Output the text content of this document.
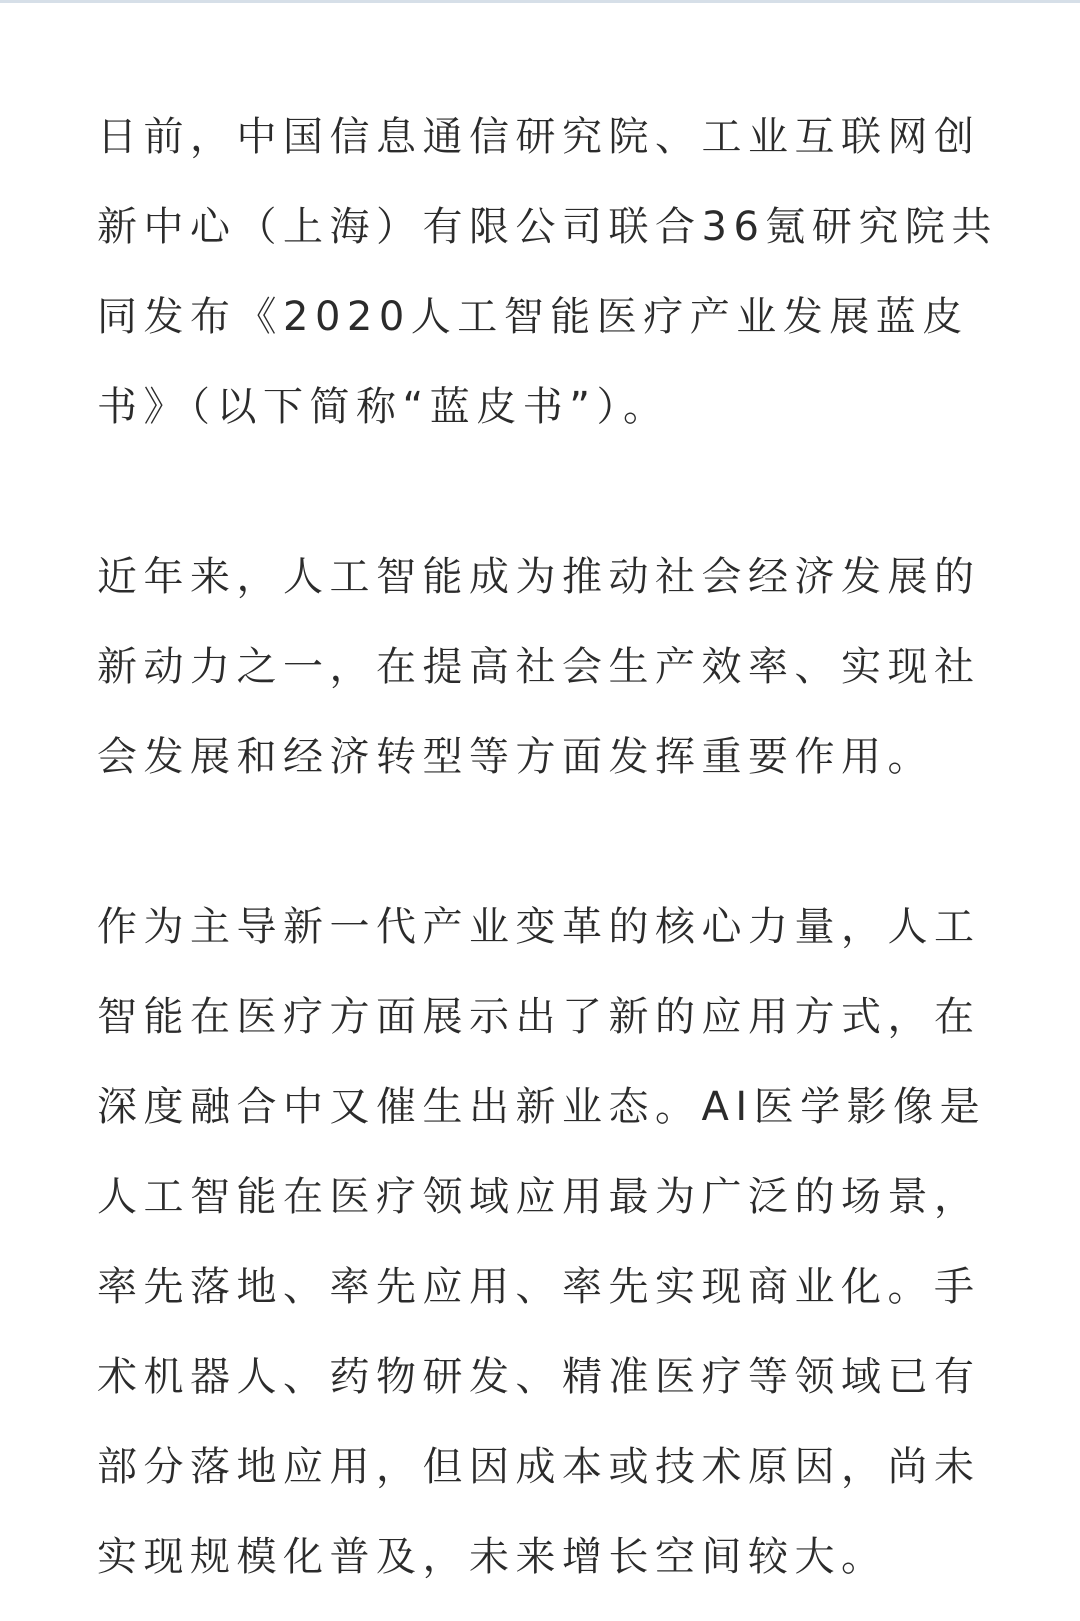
日前，中国信息通信研究院、工业互联网创
新中心（上海）有限公司联合36氪研究院共
同发布《2020人工智能医疗产业发展蓝皮
书》（以下简称“蓝皮书”）。
近年来，人工智能成为推动社会经济发展的
新动力之一，在提高社会生产效率、实现社
会发展和经济转型等方面发挥重要作用。
作为主导新一代产业变革的核心力量，人工
智能在医疗方面展示出了新的应用方式，在
深度融合中又催生出新业态。AI医学影像是
人工智能在医疗领域应用最为广泛的场景，
率先落地、率先应用、率先实现商业化。手
术机器人、药物研发、精准医疗等领域已有
部分落地应用，但因成本或技术原因，尚未
实现规模化普及，未来增长空间较大。
